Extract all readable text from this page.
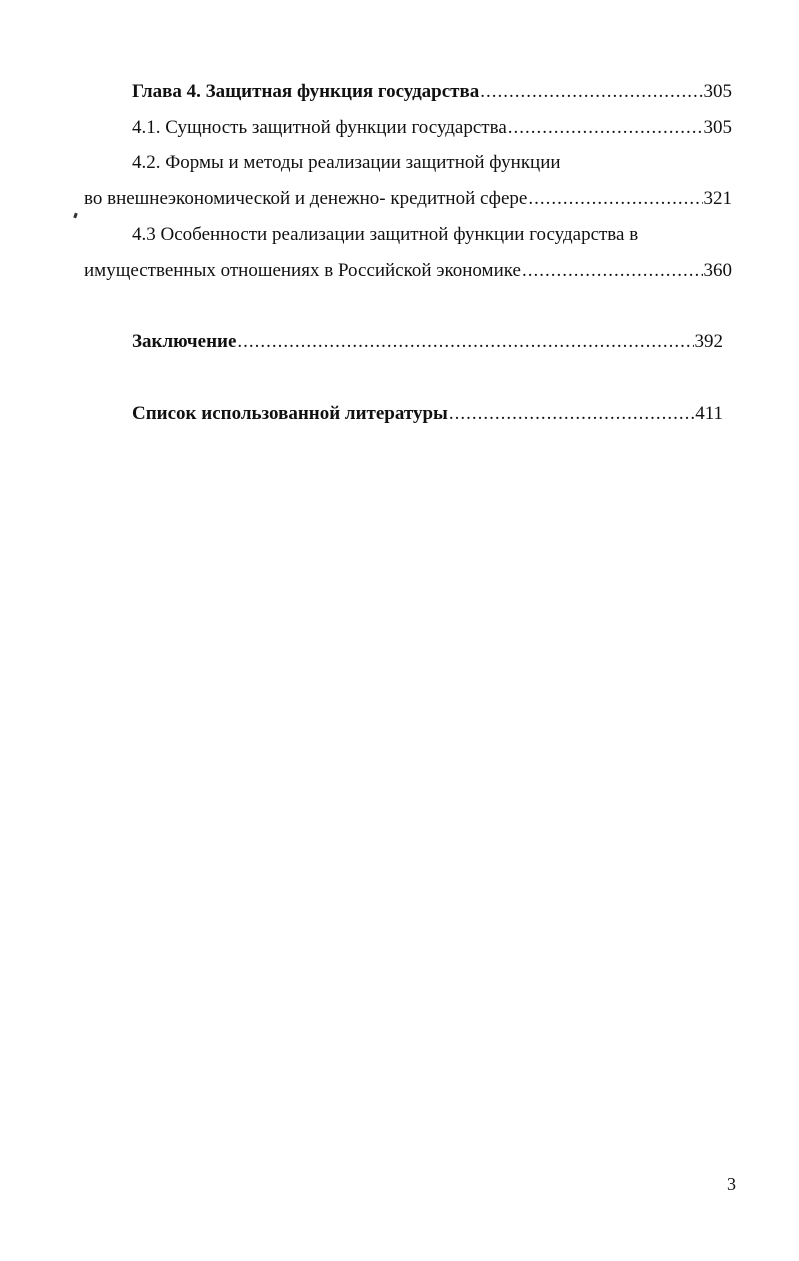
Глава 4. Защитная функция государства .....	305
4.1. Сущность защитной функции государства .....	305
4.2. Формы и методы реализации защитной функции
во внешнеэкономической и денежно- кредитной сфере .....	321
4.3 Особенности реализации защитной функции государства в
имущественных отношениях в Российской экономике .....	360
Заключение .....	392
Список использованной литературы .....	411
3
